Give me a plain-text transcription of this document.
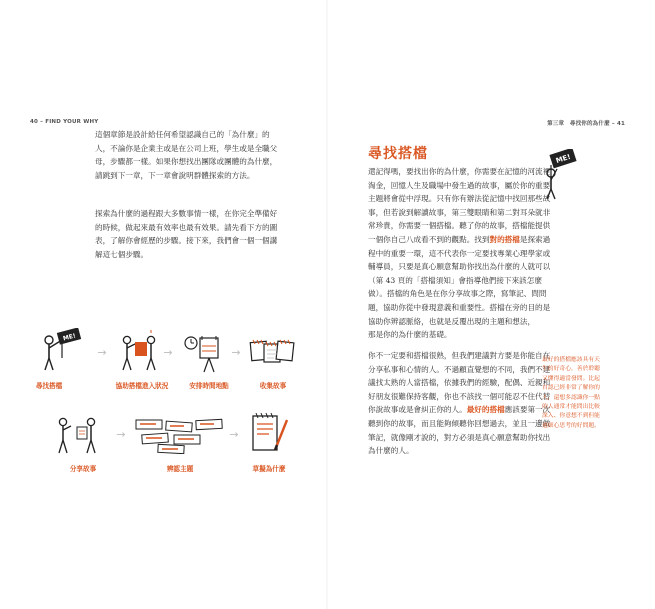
40 – FIND YOUR WHY	第三章　尋找你的為什麼 – 41
這個章節是設計給任何希望認識自己的「為什麼」的
人，不論你是企業主或是在公司上班，學生或是全職父
母，步驟都一樣。如果你想找出團隊或團體的為什麼，
請跳到下一章，下一章會說明群體探索的方法。
探索為什麼的過程跟大多數事情一樣，在你完全準備好
的時候，做起來最有效率也最有效果。請先看下方的圖
表，了解你會經歷的步驟。接下來，我們會一個一個講
解這七個步驟。
ME!
→	→	→
尋找搭檔	協助搭檔進入狀況	安排時間地點	收集故事
→	→
分享故事	辨認主題	草擬為什麼
尋找搭檔	ME!
還記得嗎，要找出你的為什麼，你需要在記憶的河流裡
淘金，回憶人生及職場中發生過的故事，屬於你的重要
主題將會從中浮現。只有你有辦法從記憶中找回那些故
事，但若說到解讀故事，第三雙眼睛和第二對耳朵就非
常珍貴，你需要一個搭檔。聽了你的故事，搭檔能提供
一個你自己八成看不到的觀點。找到對的搭檔是探索過
程中的重要一環，這不代表你一定要找專業心理學家或
輔導員，只要是真心願意幫助你找出為什麼的人就可以
（第 43 頁的「搭檔須知」會指導他們接下來該怎麼
做）。搭檔的角色是在你分享故事之際，寫筆記、問問
題，協助你從中發現意義和重要性。搭檔在旁的目的是
協助你辨認脈絡，也就是反覆出現的主題和想法，
那是你的為什麼的基礎。
你不一定要和搭檔很熟，但我們建議對方要是你能自在
分享私事和心情的人。不過顧直覺想的不同，我們不建
議找太熟的人當搭檔，依據我們的經驗，配偶、近親和
好朋友很難保持客觀，你也不該找一個可能忍不住代替
你說故事或是會糾正你的人。最好的搭檔應該要第一次
聽到你的故事，而且能夠傾聽你回想過去，並且一邊做
筆記，就像剛才說的，對方必須是真心願意幫助你找出
為什麼的人。
最好的搭檔應該具有天
生的好奇心，善於聆聽
又懂得適當發問。比起
自認已經非常了解你的
人，還想多認識你一點
的人通常才能問出比較
深入、你意想不到但能
過細心思考的好問題。
